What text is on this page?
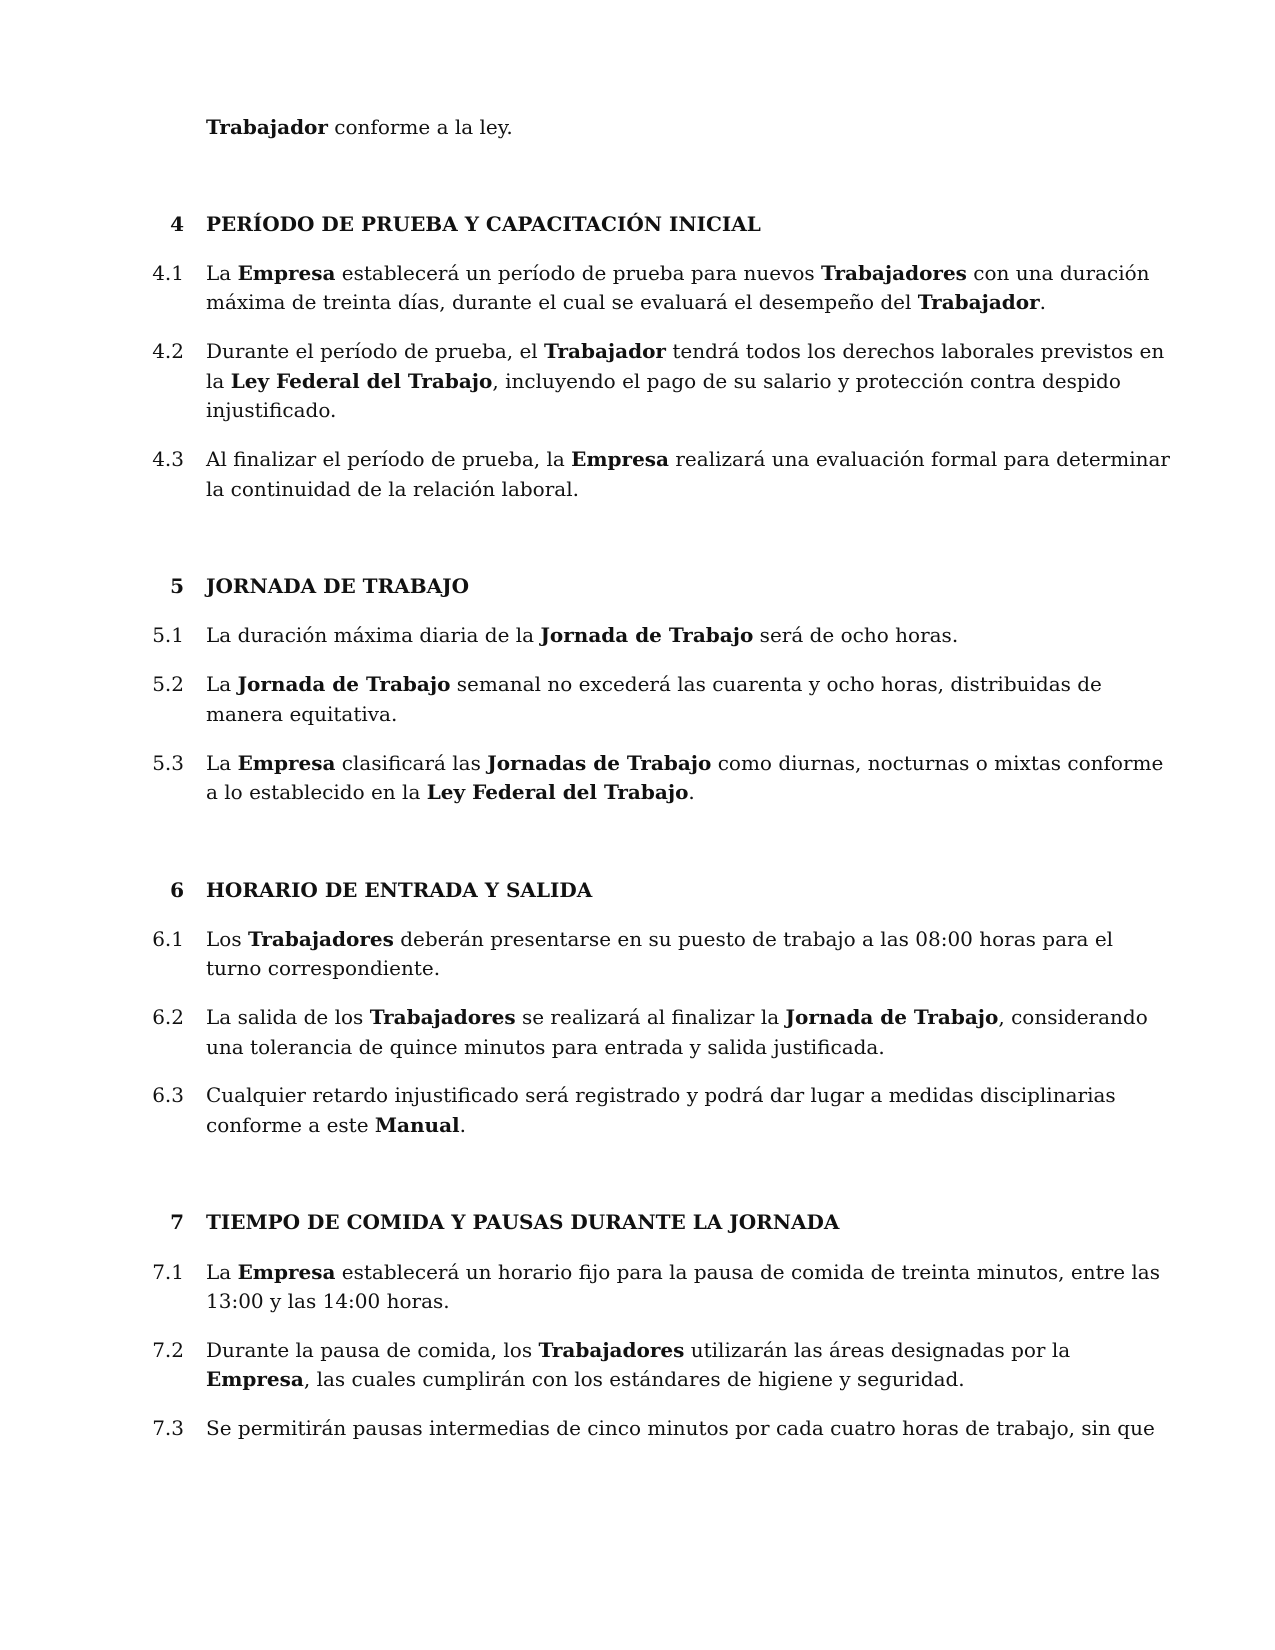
Trabajador conforme a la ley.
4 PERÍODO DE PRUEBA Y CAPACITACIÓN INICIAL
4.1 La Empresa establecerá un período de prueba para nuevos Trabajadores con una duración
máxima de treinta días, durante el cual se evaluará el desempeño del Trabajador.
4.2 Durante el período de prueba, el Trabajador tendrá todos los derechos laborales previstos en
la Ley Federal del Trabajo, incluyendo el pago de su salario y protección contra despido
injustificado.
4.3 Al finalizar el período de prueba, la Empresa realizará una evaluación formal para determinar
la continuidad de la relación laboral.
5 JORNADA DE TRABAJO
5.1 La duración máxima diaria de la Jornada de Trabajo será de ocho horas.
5.2 La Jornada de Trabajo semanal no excederá las cuarenta y ocho horas, distribuidas de
manera equitativa.
5.3 La Empresa clasificará las Jornadas de Trabajo como diurnas, nocturnas o mixtas conforme
a lo establecido en la Ley Federal del Trabajo.
6 HORARIO DE ENTRADA Y SALIDA
6.1 Los Trabajadores deberán presentarse en su puesto de trabajo a las 08:00 horas para el
turno correspondiente.
6.2 La salida de los Trabajadores se realizará al finalizar la Jornada de Trabajo, considerando
una tolerancia de quince minutos para entrada y salida justificada.
6.3 Cualquier retardo injustificado será registrado y podrá dar lugar a medidas disciplinarias
conforme a este Manual.
7 TIEMPO DE COMIDA Y PAUSAS DURANTE LA JORNADA
7.1 La Empresa establecerá un horario fijo para la pausa de comida de treinta minutos, entre las
13:00 y las 14:00 horas.
7.2 Durante la pausa de comida, los Trabajadores utilizarán las áreas designadas por la
Empresa, las cuales cumplirán con los estándares de higiene y seguridad.
7.3 Se permitirán pausas intermedias de cinco minutos por cada cuatro horas de trabajo, sin que
